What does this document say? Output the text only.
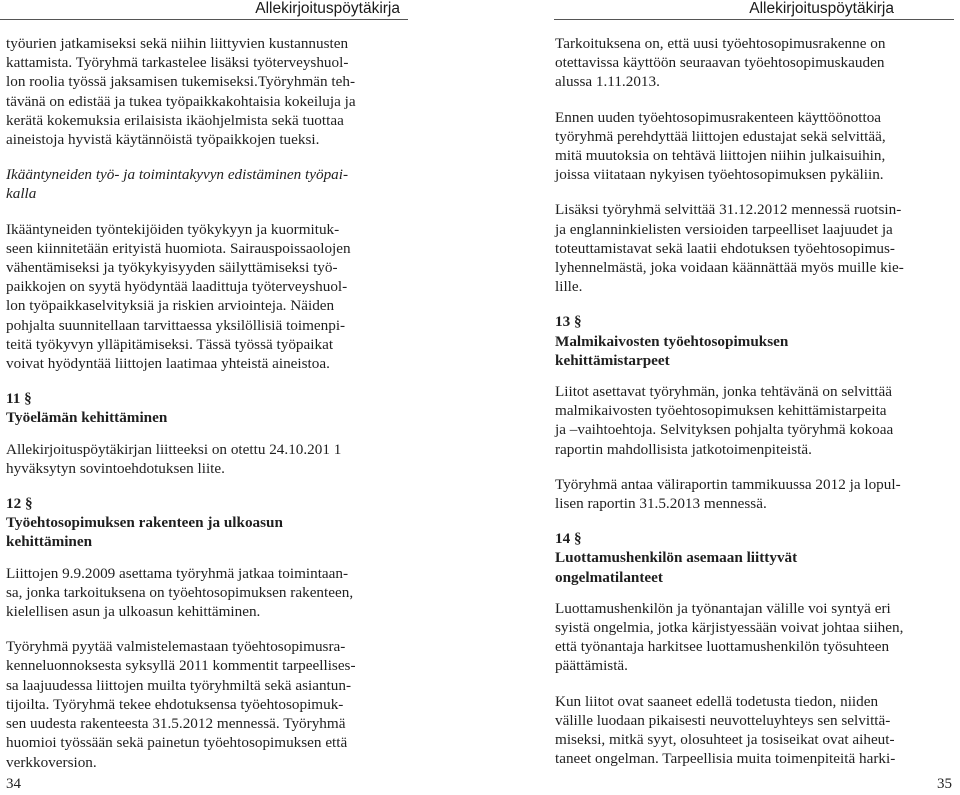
Allekirjoituspöytäkirja

työurien jatkamiseksi sekä niihin liittyvien kustannusten

kattamista. Työryhmä tarkastelee lisäksi työterveyshuol-

lon roolia työssä jaksamisen tukemiseksi.Työryhmän teh-

tävänä on edistää ja tukea työpaikkakohtaisia kokeiluja ja

kerätä kokemuksia erilaisista ikäohjelmista sekä tuottaa

aineistoja hyvistä käytännöistä työpaikkojen tueksi.

Ikääntyneiden työ- ja toimintakyvyn edistäminen työpai-

kalla

Ikääntyneiden työntekijöiden työkykyyn ja kuormituk-

seen kiinnitetään erityistä huomiota. Sairauspoissaolojen

vähentämiseksi ja työkykyisyyden säilyttämiseksi työ-

paikkojen on syytä hyödyntää laadittuja työterveyshuol-

lon työpaikkaselvityksiä ja riskien arviointeja. Näiden

pohjalta suunnitellaan tarvittaessa yksilöllisiä toimenpi-

teitä työkyvyn ylläpitämiseksi. Tässä työssä työpaikat

voivat hyödyntää liittojen laatimaa yhteistä aineistoa.

11 §

Työelämän kehittäminen

Allekirjoituspöytäkirjan liitteeksi on otettu 24.10.201 1

hyväksytyn sovintoehdotuksen liite.

12 §

Työehtosopimuksen rakenteen ja ulkoasun

kehittäminen

Liittojen 9.9.2009 asettama työryhmä jatkaa toimintaan-

sa, jonka tarkoituksena on työehtosopimuksen rakenteen,

kielellisen asun ja ulkoasun kehittäminen.

Työryhmä pyytää valmistelemastaan työehtosopimusra-

kenneluonnoksesta syksyllä 2011 kommentit tarpeellises-

sa laajuudessa liittojen muilta työryhmiltä sekä asiantun-

tijoilta. Työryhmä tekee ehdotuksensa työehtosopimuk-

sen uudesta rakenteesta 31.5.2012 mennessä. Työryhmä

huomioi työssään sekä painetun työehtosopimuksen että

verkkoversion.

34
Allekirjoituspöytäkirja

Tarkoituksena on, että uusi työehtosopimusrakenne on

otettavissa käyttöön seuraavan työehtosopimuskauden

alussa 1.11.2013.

Ennen uuden työehtosopimusrakenteen käyttöönottoa

työryhmä perehdyttää liittojen edustajat sekä selvittää,

mitä muutoksia on tehtävä liittojen niihin julkaisuihin,

joissa viitataan nykyisen työehtosopimuksen pykäliin.

Lisäksi työryhmä selvittää 31.12.2012 mennessä ruotsin-

ja englanninkielisten versioiden tarpeelliset laajuudet ja

toteuttamistavat sekä laatii ehdotuksen työehtosopimus-

lyhennelmästä, joka voidaan käännättää myös muille kie-

lille.

13 §

Malmikaivosten työehtosopimuksen

kehittämistarpeet

Liitot asettavat työryhmän, jonka tehtävänä on selvittää

malmikaivosten työehtosopimuksen kehittämistarpeita

ja –vaihtoehtoja. Selvityksen pohjalta työryhmä kokoaa

raportin mahdollisista jatkotoimenpiteistä.

Työryhmä antaa väliraportin tammikuussa 2012 ja lopul-

lisen raportin 31.5.2013 mennessä.

14 §

Luottamushenkilön asemaan liittyvät

ongelmatilanteet

Luottamushenkilön ja työnantajan välille voi syntyä eri

syistä ongelmia, jotka kärjistyessään voivat johtaa siihen,

että työnantaja harkitsee luottamushenkilön työsuhteen

päättämistä.

Kun liitot ovat saaneet edellä todetusta tiedon, niiden

välille luodaan pikaisesti neuvotteluyhteys sen selvittä-

miseksi, mitkä syyt, olosuhteet ja tosiseikat ovat aiheut-

taneet ongelman. Tarpeellisia muita toimenpiteitä harki-

35
